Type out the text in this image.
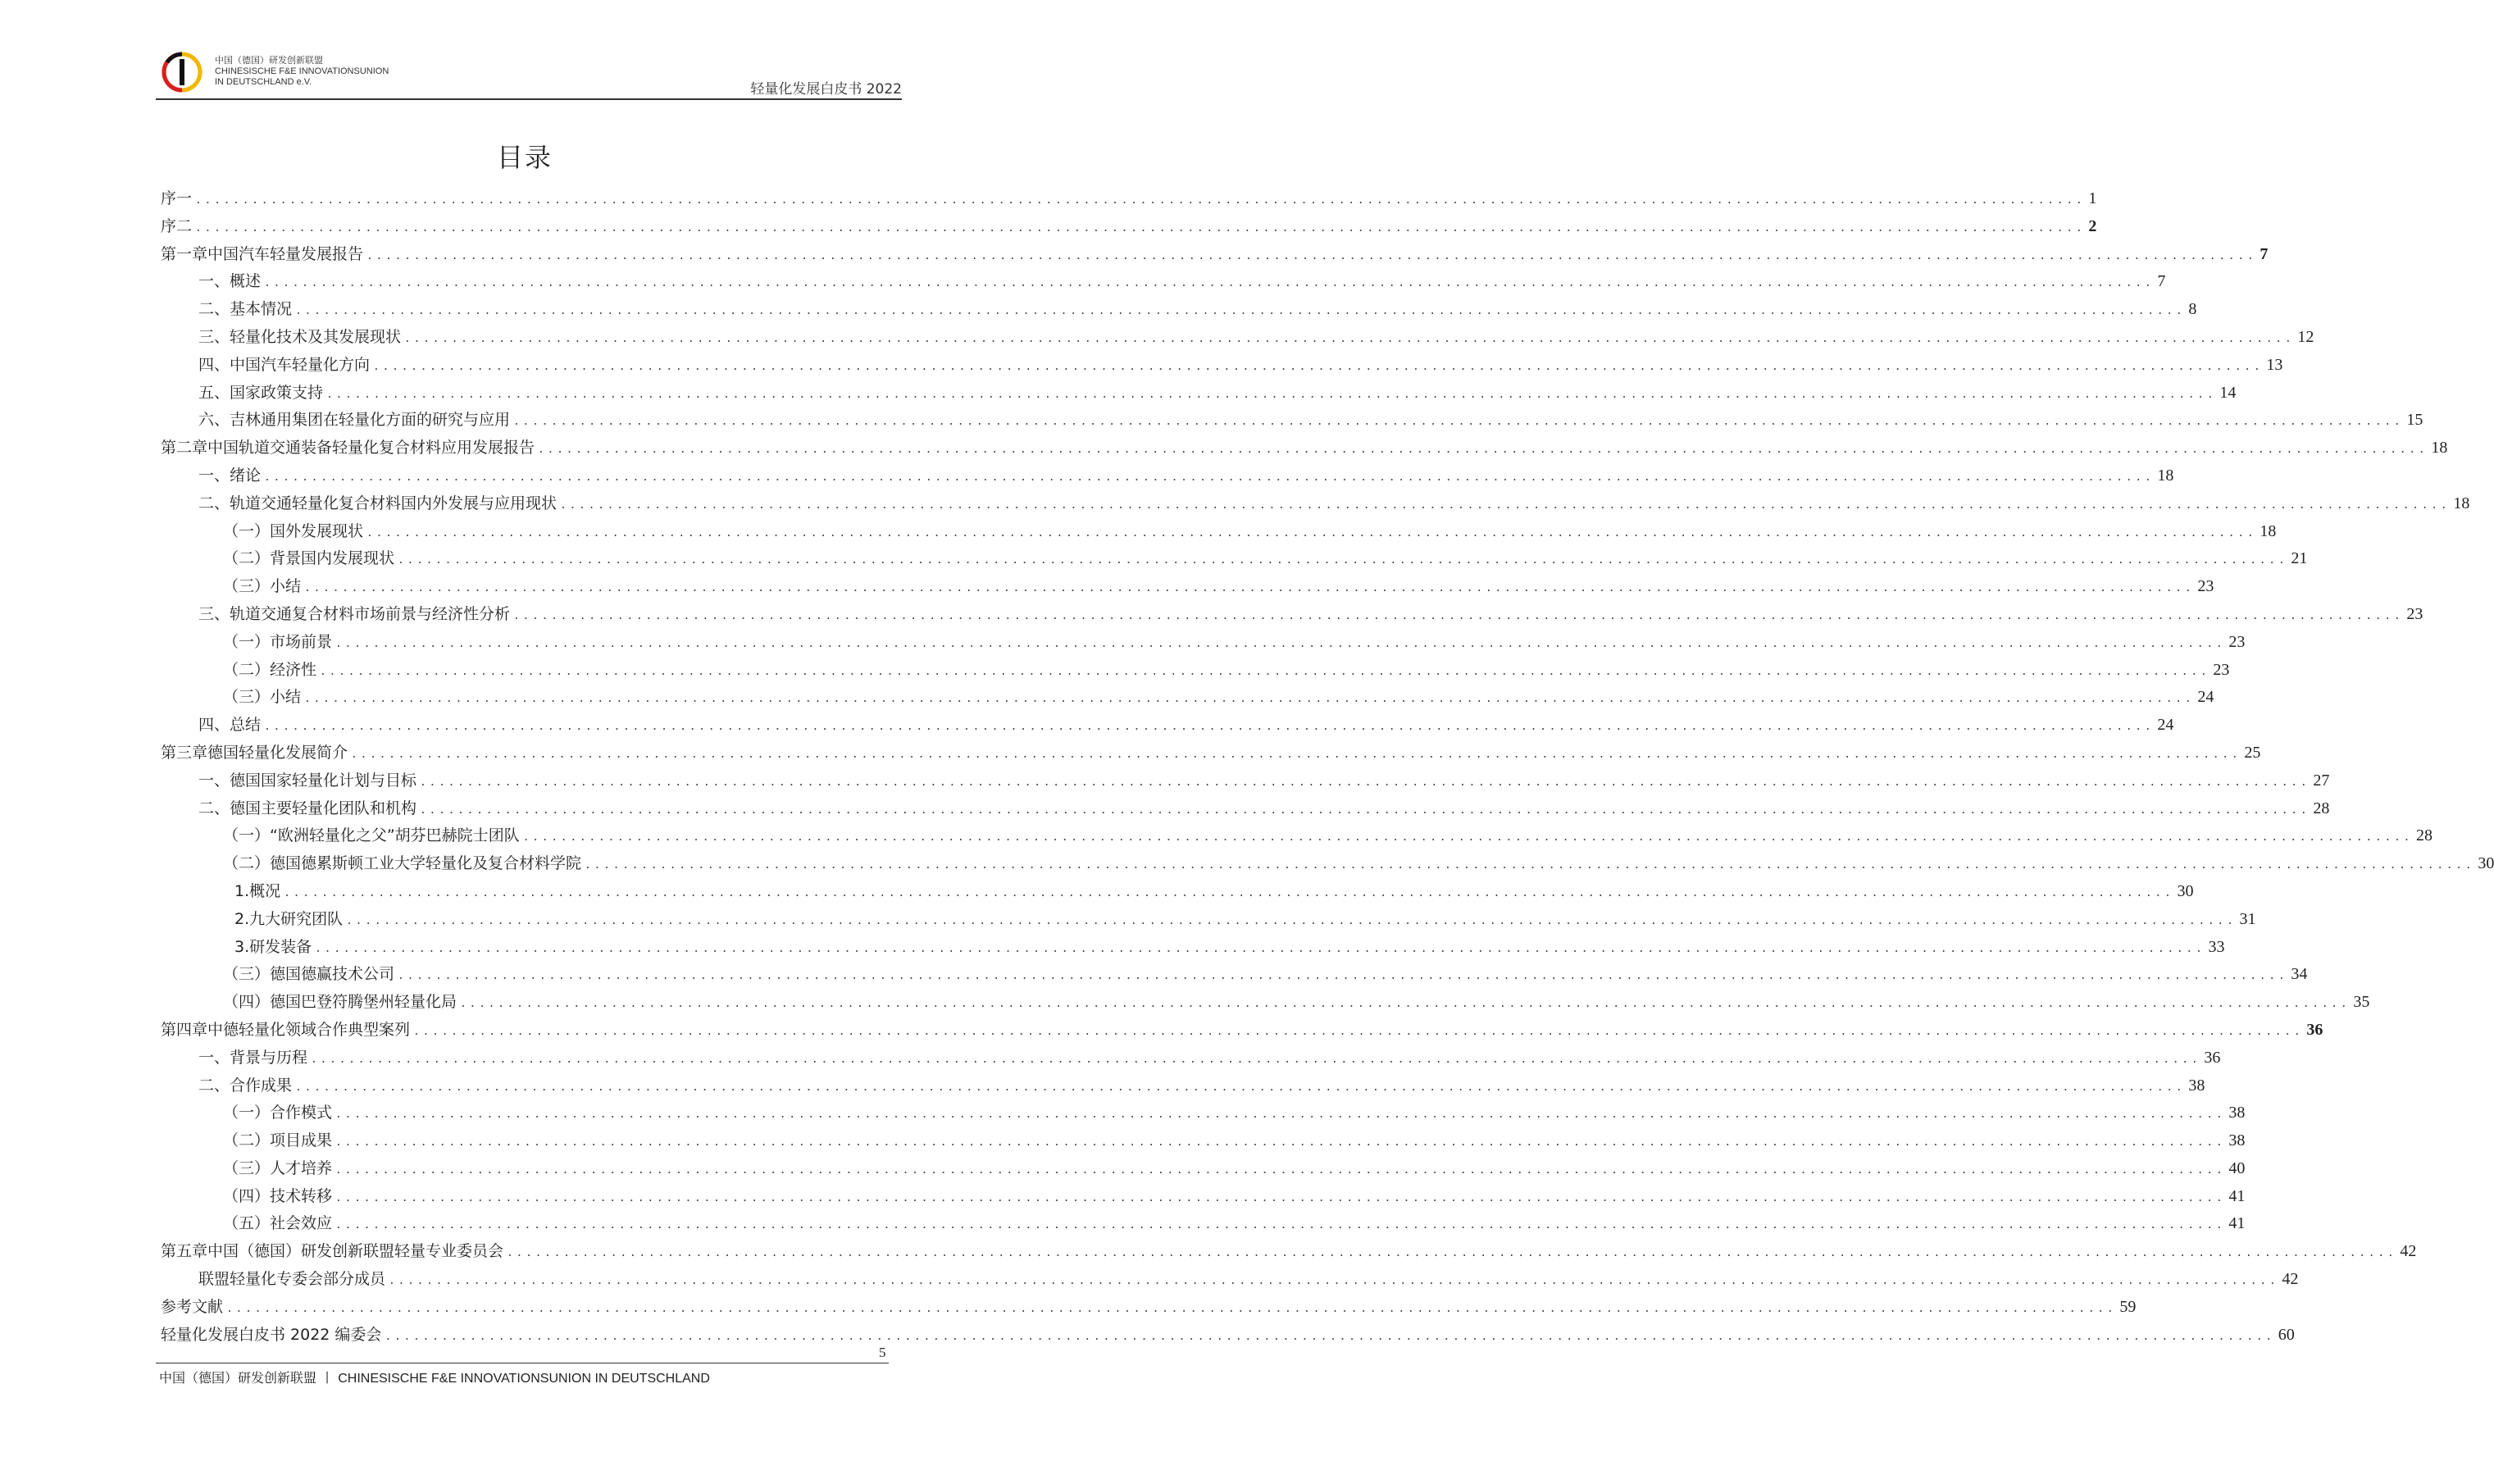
中国（德国）研发创新联盟
CHINESISCHE F&E INNOVATIONSUNION
IN DEUTSCHLAND e.V.	轻量化发展白皮书 2022
目录
序一 ........................................................................................................................................................................................................ 1
序二 ........................................................................................................................................................................................................ 2
第一章中国汽车轻量发展报告 ........................................................................................................................................................................................................ 7
一、概述 ........................................................................................................................................................................................................ 7
二、基本情况 ........................................................................................................................................................................................................ 8
三、轻量化技术及其发展现状 ........................................................................................................................................................................................................ 12
四、中国汽车轻量化方向 ........................................................................................................................................................................................................ 13
五、国家政策支持 ........................................................................................................................................................................................................ 14
六、吉林通用集团在轻量化方面的研究与应用 ........................................................................................................................................................................................................ 15
第二章中国轨道交通装备轻量化复合材料应用发展报告 ........................................................................................................................................................................................................ 18
一、绪论 ........................................................................................................................................................................................................ 18
二、轨道交通轻量化复合材料国内外发展与应用现状 ........................................................................................................................................................................................................ 18
（一）国外发展现状 ........................................................................................................................................................................................................ 18
（二）背景国内发展现状 ........................................................................................................................................................................................................ 21
（三）小结 ........................................................................................................................................................................................................ 23
三、轨道交通复合材料市场前景与经济性分析 ........................................................................................................................................................................................................ 23
（一）市场前景 ........................................................................................................................................................................................................ 23
（二）经济性 ........................................................................................................................................................................................................ 23
（三）小结 ........................................................................................................................................................................................................ 24
四、总结 ........................................................................................................................................................................................................ 24
第三章德国轻量化发展简介 ........................................................................................................................................................................................................ 25
一、德国国家轻量化计划与目标 ........................................................................................................................................................................................................ 27
二、德国主要轻量化团队和机构 ........................................................................................................................................................................................................ 28
（一）“欧洲轻量化之父”胡芬巴赫院士团队 ........................................................................................................................................................................................................ 28
（二）德国德累斯顿工业大学轻量化及复合材料学院 ........................................................................................................................................................................................................ 30
1.概况 ........................................................................................................................................................................................................ 30
2.九大研究团队 ........................................................................................................................................................................................................ 31
3.研发装备 ........................................................................................................................................................................................................ 33
（三）德国德赢技术公司 ........................................................................................................................................................................................................ 34
（四）德国巴登符腾堡州轻量化局 ........................................................................................................................................................................................................ 35
第四章中德轻量化领域合作典型案列 ........................................................................................................................................................................................................ 36
一、背景与历程 ........................................................................................................................................................................................................ 36
二、合作成果 ........................................................................................................................................................................................................ 38
（一）合作模式 ........................................................................................................................................................................................................ 38
（二）项目成果 ........................................................................................................................................................................................................ 38
（三）人才培养 ........................................................................................................................................................................................................ 40
（四）技术转移 ........................................................................................................................................................................................................ 41
（五）社会效应 ........................................................................................................................................................................................................ 41
第五章中国（德国）研发创新联盟轻量专业委员会 ........................................................................................................................................................................................................ 42
联盟轻量化专委会部分成员 ........................................................................................................................................................................................................ 42
参考文献 ........................................................................................................................................................................................................ 59
轻量化发展白皮书 2022 编委会 ........................................................................................................................................................................................................ 60
5
中国（德国）研发创新联盟 丨 CHINESISCHE F&E INNOVATIONSUNION IN DEUTSCHLAND
